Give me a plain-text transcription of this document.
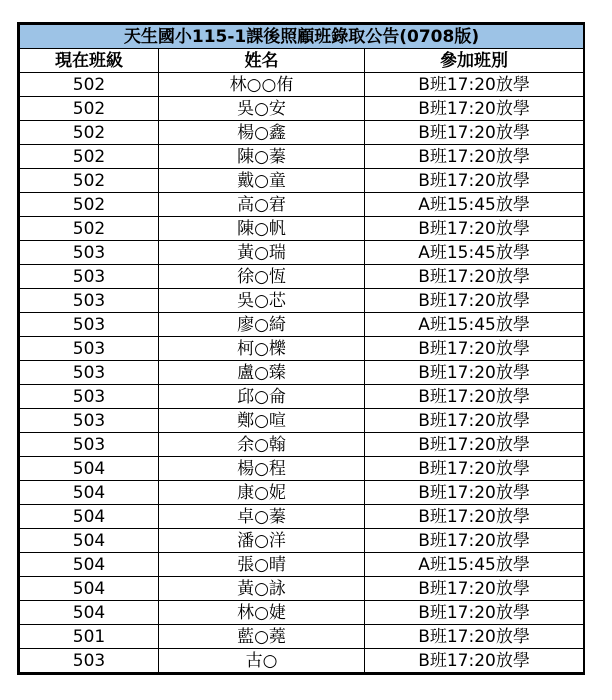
天生國小115-1課後照顧班錄取公告(0708版)		
現在班級	姓名	參加班別
502	林○○侑	B班17:20放學
502	吳○安	B班17:20放學
502	楊○鑫	B班17:20放學
502	陳○蓁	B班17:20放學
502	戴○童	B班17:20放學
502	高○宭	A班15:45放學
502	陳○帆	B班17:20放學
503	黃○瑞	A班15:45放學
503	徐○恆	B班17:20放學
503	吳○芯	B班17:20放學
503	廖○綺	A班15:45放學
503	柯○櫟	B班17:20放學
503	盧○臻	B班17:20放學
503	邱○侖	B班17:20放學
503	鄭○喧	B班17:20放學
503	余○翰	B班17:20放學
504	楊○程	B班17:20放學
504	康○妮	B班17:20放學
504	卓○蓁	B班17:20放學
504	潘○洋	B班17:20放學
504	張○晴	A班15:45放學
504	黃○詠	B班17:20放學
504	林○婕	B班17:20放學
501	藍○蕘	B班17:20放學
503	古○	B班17:20放學
